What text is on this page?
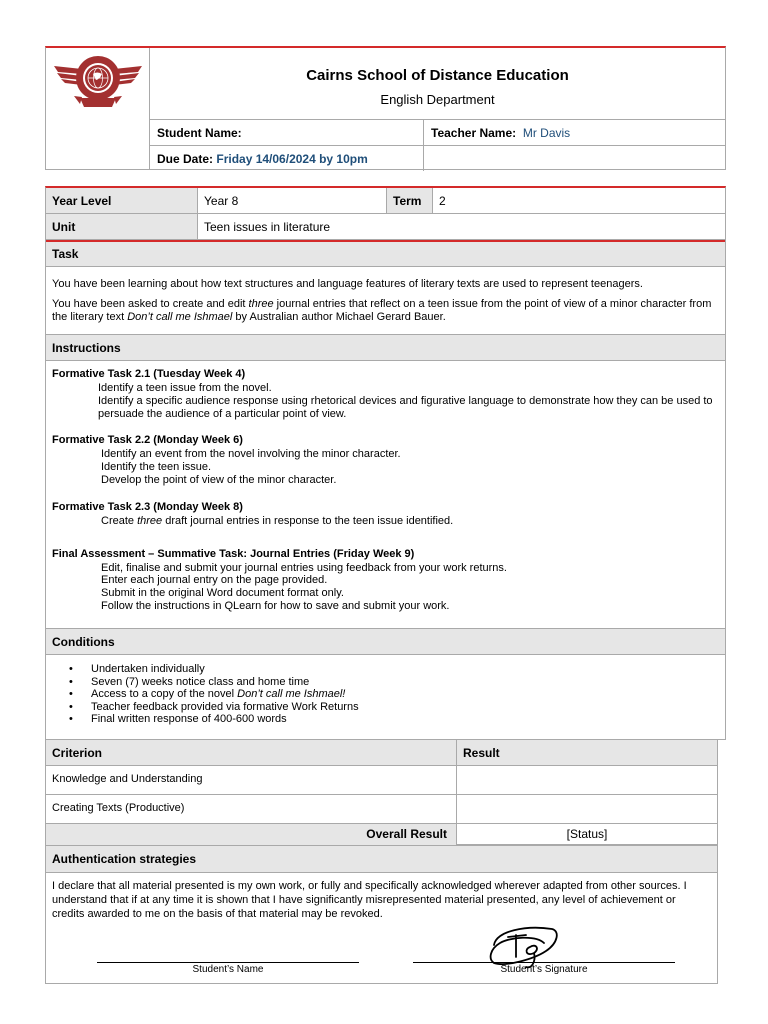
Cairns School of Distance Education
English Department
Student Name:	Teacher Name: Mr Davis
Due Date: Friday 14/06/2024 by 10pm
Year Level	Year 8	Term 2
Unit	Teen issues in literature
Task

You have been learning about how text structures and language features of literary texts are used to represent teenagers.

You have been asked to create and edit three journal entries that reflect on a teen issue from the point of view of a minor character from the literary text Don’t call me Ishmael by Australian author Michael Gerard Bauer.

Instructions
Formative Task 2.1 (Tuesday Week 4)
Identify a teen issue from the novel.
Identify a specific audience response using rhetorical devices and figurative language to demonstrate how they can be used to persuade the audience of a particular point of view.
Formative Task 2.2 (Monday Week 6)
Identify an event from the novel involving the minor character.
Identify the teen issue.
Develop the point of view of the minor character.
Formative Task 2.3 (Monday Week 8)
Create three draft journal entries in response to the teen issue identified.
Final Assessment – Summative Task: Journal Entries (Friday Week 9)
Edit, finalise and submit your journal entries using feedback from your work returns.
Enter each journal entry on the page provided.
Submit in the original Word document format only.
Follow the instructions in QLearn for how to save and submit your work.
Conditions
• Undertaken individually
• Seven (7) weeks notice class and home time
• Access to a copy of the novel Don’t call me Ishmael!
• Teacher feedback provided via formative Work Returns
• Final written response of 400-600 words
Criterion	Result
Knowledge and Understanding
Creating Texts (Productive)
Overall Result	[Status]
Authentication strategies
I declare that all material presented is my own work, or fully and specifically acknowledged wherever adapted from other sources. I understand that if at any time it is shown that I have significantly misrepresented material presented, any level of achievement or credits awarded to me on the basis of that material may be revoked.
Student’s Name	Student’s Signature
